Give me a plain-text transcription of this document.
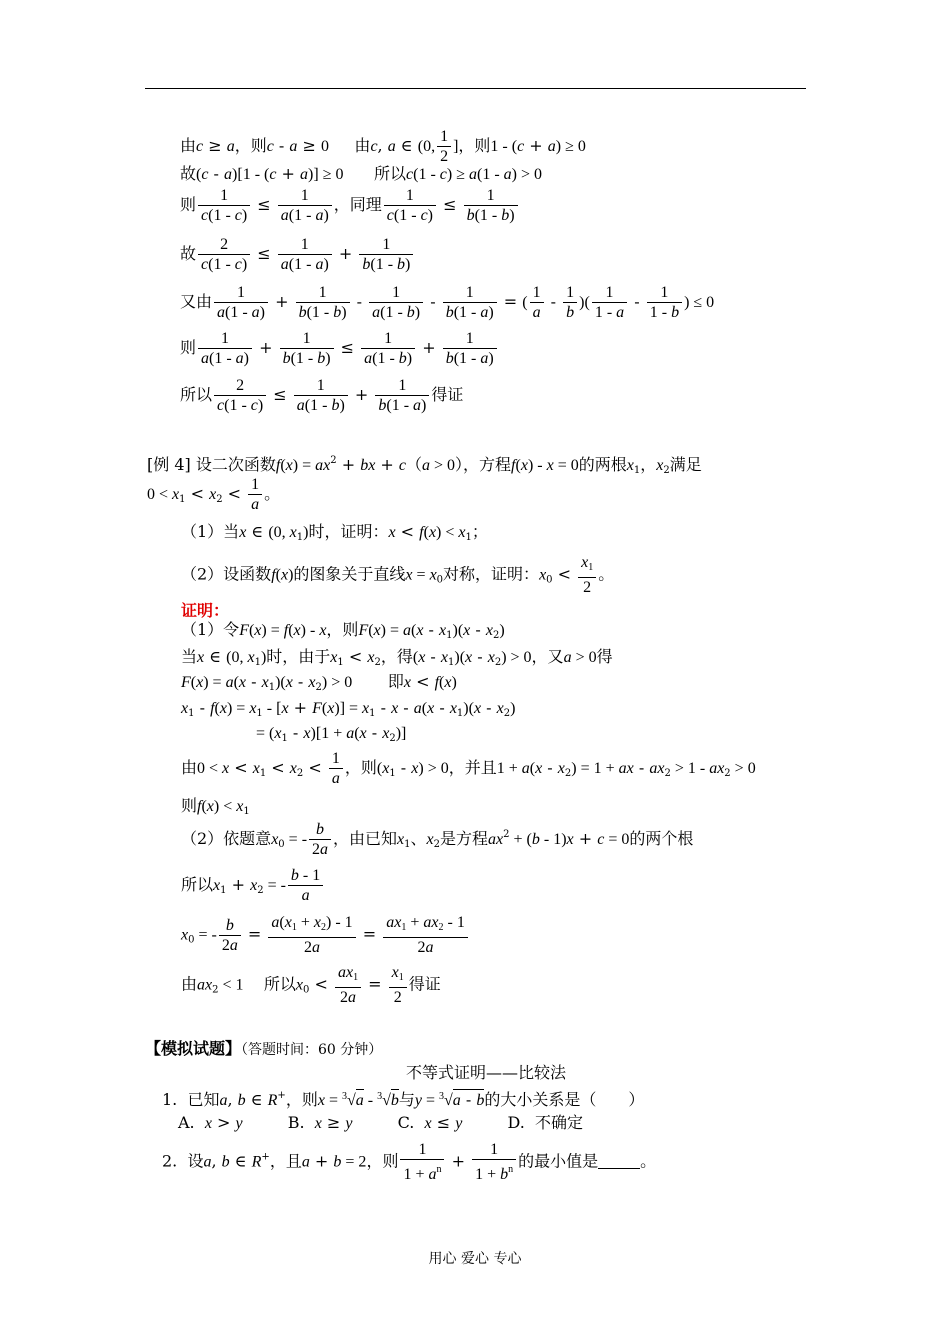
由c ≥ a，则c - a ≥ 0 由c, a ∈ (0, $\frac{1}{2}$ ]，则1 - (c + a) ≥ 0
故(c - a)[1 - (c + a)] ≥ 0 所以c(1 - c) ≥ a(1 - a) > 0
则 $\frac{1}{c(1 - c)} \le \frac{1}{a(1 - a)}$ ，同理 $\frac{1}{c(1 - c)} \le \frac{1}{b(1 - b)}$
故 $\frac{2}{c(1 - c)} \le \frac{1}{a(1 - a)} + \frac{1}{b(1 - b)}$
又由 $\frac{1}{a(1 - a)} + \frac{1}{b(1 - b)} - \frac{1}{a(1 - b)} - \frac{1}{b(1 - a)}$ = ( $\frac{1}{a} - \frac{1}{b}$ )( $\frac{1}{1 - a} - \frac{1}{1 - b}$ ) ≤ 0
则 $\frac{1}{a(1 - a)} + \frac{1}{b(1 - b)} \le \frac{1}{a(1 - b)} + \frac{1}{b(1 - a)}$
所以 $\frac{2}{c(1 - c)} \le \frac{1}{a(1 - b)} + \frac{1}{b(1 - a)}$ 得证
[例 4] 设二次函数$f(x) = ax^2$ + bx + c（a > 0），方程f(x) - x = 0的两根$x_1$，$x_2$满足
$0 < x_1 < x_2 < \frac{1}{a}$ 。
（1）当x ∈ (0, $x_1$)时，证明：$x < f(x) < x_1$；
（2）设函数f(x)的图象关于直线$x = x_0$对称，证明：$x_0 < \frac{x_1}{2}$ 。
证明：
（1）令F(x) = f(x) - x，则$F(x) = a(x - x_1)(x - x_2)$
当x ∈ (0, $x_1$)时，由于$x_1 < x_2$，得$(x - x_1)(x - x_2) > 0$，又a > 0得
$F(x) = a(x - x_1)(x - x_2) > 0$ 即x < f(x)
$x_1 - f(x) = x_1 - [x + F(x)] = x_1 - x - a(x - x_1)(x - x_2)$
= $(x_1 - x)[1 + a(x - x_2)]$
由$0 < x < x_1 < x_2 < \frac{1}{a}$ ，则$(x_1 - x) > 0$，并且$1 + a(x - x_2) = 1$ + ax - $ax_2 > 1 - ax_2 > 0$
则$f(x) < x_1$
（2）依题意$x_0$ = - $\frac{b}{2a}$ ，由已知$x_1$、$x_2$是方程$ax^2 + (b - 1)x + c = 0$的两个根
所以$x_1 + x_2$ = - $\frac{b - 1}{a}$
$x_0$ = - $\frac{b}{2a} = \frac{a(x_1 + x_2) - 1}{2a} = \frac{ax_1 + ax_2 - 1}{2a}$
由$ax_2 < 1$ 所以$x_0 < \frac{ax_1}{2a} = \frac{x_1}{2}$ 得证
【模拟试题】（答题时间：60 分钟）
不等式证明——比较法
1. 已知a, b ∈ R+，则x = $^3$√a - $^3$√b与y = $^3$√a - b的大小关系是（　　）
A. x > y	B. x ≥ y	C. x ≤ y	D. 不确定
2. 设a, b ∈ R+，且a + b = 2，则 $\frac{1}{1 + a^n} + \frac{1}{1 + b^n}$ 的最小值是	。
用心 爱心 专心
